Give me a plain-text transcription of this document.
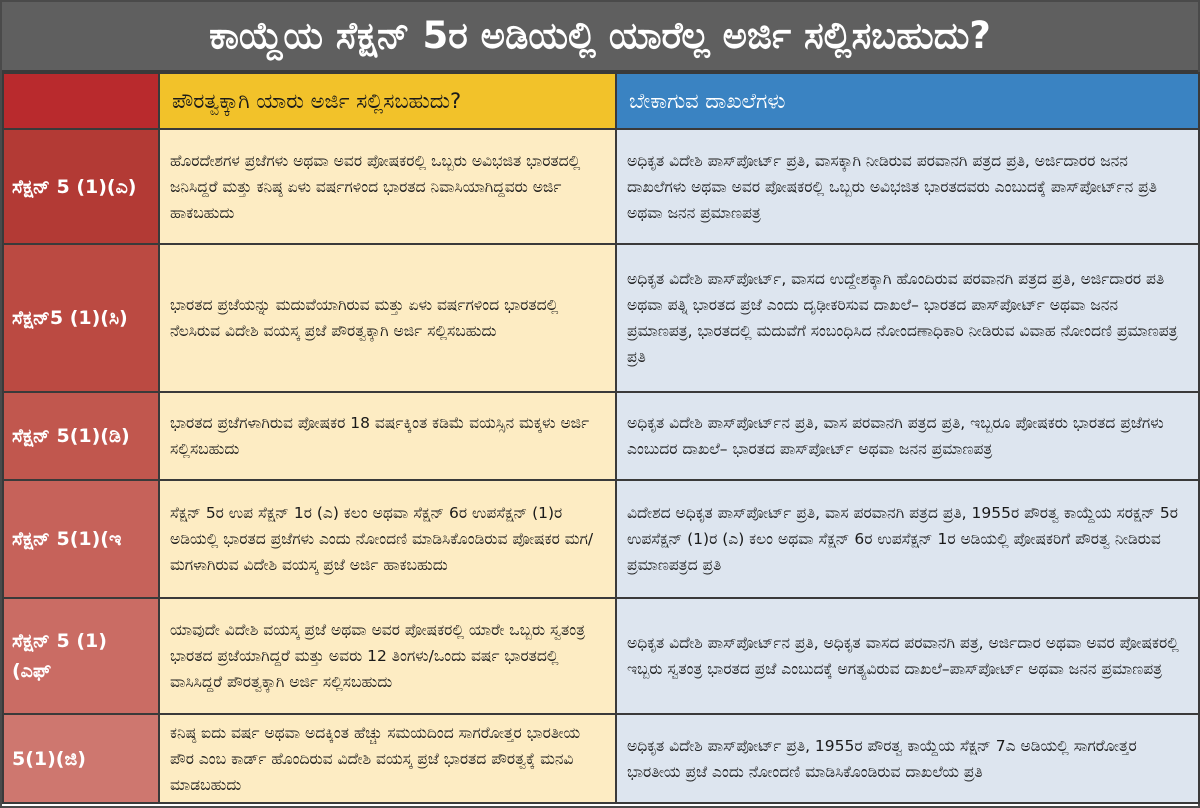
ಕಾಯ್ದೆಯ ಸೆಕ್ಷನ್ 5ರ ಅಡಿಯಲ್ಲಿ ಯಾರೆಲ್ಲ ಅರ್ಜಿ ಸಲ್ಲಿಸಬಹುದು?
	ಪೌರತ್ವಕ್ಕಾಗಿ ಯಾರು ಅರ್ಜಿ ಸಲ್ಲಿಸಬಹುದು?	ಬೇಕಾಗುವ ದಾಖಲೆಗಳು
ಸೆಕ್ಷನ್ 5 (1)(ಎ)	ಹೊರದೇಶಗಳ ಪ್ರಜೆಗಳು ಅಥವಾ ಅವರ ಪೋಷಕರಲ್ಲಿ ಒಬ್ಬರು ಅವಿಭಜಿತ ಭಾರತದಲ್ಲಿ ಜನಿಸಿದ್ದರೆ ಮತ್ತು ಕನಿಷ್ಠ ಏಳು ವರ್ಷಗಳಿಂದ ಭಾರತದ ನಿವಾಸಿಯಾಗಿದ್ದವರು ಅರ್ಜಿ ಹಾಕಬಹುದು	ಅಧಿಕೃತ ವಿದೇಶಿ ಪಾಸ್‌ಪೋರ್ಟ್ ಪ್ರತಿ, ವಾಸಕ್ಕಾಗಿ ನೀಡಿರುವ ಪರವಾನಗಿ ಪತ್ರದ ಪ್ರತಿ, ಅರ್ಜಿದಾರರ ಜನನ ದಾಖಲೆಗಳು ಅಥವಾ ಅವರ ಪೋಷಕರಲ್ಲಿ ಒಬ್ಬರು ಅವಿಭಜಿತ ಭಾರತದವರು ಎಂಬುದಕ್ಕೆ ಪಾಸ್‌ಪೋರ್ಟ್‌ನ ಪ್ರತಿ ಅಥವಾ ಜನನ ಪ್ರಮಾಣಪತ್ರ
ಸೆಕ್ಷನ್5 (1)(ಸಿ)	ಭಾರತದ ಪ್ರಜೆಯನ್ನು ಮದುವೆಯಾಗಿರುವ ಮತ್ತು ಏಳು ವರ್ಷಗಳಿಂದ ಭಾರತದಲ್ಲಿ ನೆಲಸಿರುವ ವಿದೇಶಿ ವಯಸ್ಕ ಪ್ರಜೆ ಪೌರತ್ವಕ್ಕಾಗಿ ಅರ್ಜಿ ಸಲ್ಲಿಸಬಹುದು	ಅಧಿಕೃತ ವಿದೇಶಿ ಪಾಸ್‌ಪೋರ್ಟ್, ವಾಸದ ಉದ್ದೇಶಕ್ಕಾಗಿ ಹೊಂದಿರುವ ಪರವಾನಗಿ ಪತ್ರದ ಪ್ರತಿ, ಅರ್ಜಿದಾರರ ಪತಿ ಅಥವಾ ಪತ್ನಿ ಭಾರತದ ಪ್ರಜೆ ಎಂದು ದೃಢೀಕರಿಸುವ ದಾಖಲೆ– ಭಾರತದ ಪಾಸ್‌ಪೋರ್ಟ್ ಅಥವಾ ಜನನ ಪ್ರಮಾಣಪತ್ರ, ಭಾರತದಲ್ಲಿ ಮದುವೆಗೆ ಸಂಬಂಧಿಸಿದ ನೋಂದಣಾಧಿಕಾರಿ ನೀಡಿರುವ ವಿವಾಹ ನೋಂದಣಿ ಪ್ರಮಾಣಪತ್ರ ಪ್ರತಿ
ಸೆಕ್ಷನ್ 5(1)(ಡಿ)	ಭಾರತದ ಪ್ರಜೆಗಳಾಗಿರುವ ಪೋಷಕರ 18 ವರ್ಷಕ್ಕಿಂತ ಕಡಿಮೆ ವಯಸ್ಸಿನ ಮಕ್ಕಳು ಅರ್ಜಿ ಸಲ್ಲಿಸಬಹುದು	ಅಧಿಕೃತ ವಿದೇಶಿ ಪಾಸ್‌ಪೋರ್ಟ್‌ನ ಪ್ರತಿ, ವಾಸ ಪರವಾನಗಿ ಪತ್ರದ ಪ್ರತಿ, ಇಬ್ಬರೂ ಪೋಷಕರು ಭಾರತದ ಪ್ರಜೆಗಳು ಎಂಬುದರ ದಾಖಲೆ– ಭಾರತದ ಪಾಸ್‌ಪೋರ್ಟ್ ಅಥವಾ ಜನನ ಪ್ರಮಾಣಪತ್ರ
ಸೆಕ್ಷನ್ 5(1)(ಇ	ಸೆಕ್ಷನ್ 5ರ ಉಪ ಸೆಕ್ಷನ್ 1ರ (ಎ) ಕಲಂ ಅಥವಾ ಸೆಕ್ಷನ್ 6ರ ಉಪಸೆಕ್ಷನ್ (1)ರ ಅಡಿಯಲ್ಲಿ ಭಾರತದ ಪ್ರಜೆಗಳು ಎಂದು ನೋಂದಣಿ ಮಾಡಿಸಿಕೊಂಡಿರುವ ಪೋಷಕರ ಮಗ/ ಮಗಳಾಗಿರುವ ವಿದೇಶಿ ವಯಸ್ಕ ಪ್ರಜೆ ಅರ್ಜಿ ಹಾಕಬಹುದು	ವಿದೇಶದ ಅಧಿಕೃತ ಪಾಸ್‌ಪೋರ್ಟ್ ಪ್ರತಿ, ವಾಸ ಪರವಾನಗಿ ಪತ್ರದ ಪ್ರತಿ, 1955ರ ಪೌರತ್ವ ಕಾಯ್ದೆಯ ಸರಕ್ಷನ್ 5ರ ಉಪಸೆಕ್ಷನ್ (1)ರ (ಎ) ಕಲಂ ಅಥವಾ ಸೆಕ್ಷನ್ 6ರ ಉಪಸೆಕ್ಷನ್ 1ರ ಅಡಿಯಲ್ಲಿ ಪೋಷಕರಿಗೆ ಪೌರತ್ವ ನೀಡಿರುವ ಪ್ರಮಾಣಪತ್ರದ ಪ್ರತಿ
ಸೆಕ್ಷನ್ 5 (1) (ಎಫ್	ಯಾವುದೇ ವಿದೇಶಿ ವಯಸ್ಕ ಪ್ರಜೆ ಅಥವಾ ಅವರ ಪೋಷಕರಲ್ಲಿ ಯಾರೇ ಒಬ್ಬರು ಸ್ವತಂತ್ರ ಭಾರತದ ಪ್ರಜೆಯಾಗಿದ್ದರೆ ಮತ್ತು ಅವರು 12 ತಿಂಗಳು/ಒಂದು ವರ್ಷ ಭಾರತದಲ್ಲಿ ವಾಸಿಸಿದ್ದರೆ ಪೌರತ್ವಕ್ಕಾಗಿ ಅರ್ಜಿ ಸಲ್ಲಿಸಬಹುದು	ಅಧಿಕೃತ ವಿದೇಶಿ ಪಾಸ್‌ಪೋರ್ಟ್‌ನ ಪ್ರತಿ, ಅಧಿಕೃತ ವಾಸದ ಪರವಾನಗಿ ಪತ್ರ, ಅರ್ಜಿದಾರ ಅಥವಾ ಅವರ ಪೋಷಕರಲ್ಲಿ ಇಬ್ಬರು ಸ್ವತಂತ್ರ ಭಾರತದ ಪ್ರಜೆ ಎಂಬುದಕ್ಕೆ ಅಗತ್ಯವಿರುವ ದಾಖಲೆ–ಪಾಸ್‌ಪೋರ್ಟ್ ಅಥವಾ ಜನನ ಪ್ರಮಾಣಪತ್ರ
5(1)(ಜಿ)	ಕನಿಷ್ಠ ಐದು ವರ್ಷ ಅಥವಾ ಅದಕ್ಕಿಂತ ಹೆಚ್ಚು ಸಮಯದಿಂದ ಸಾಗರೋತ್ತರ ಭಾರತೀಯ ಪೌರ ಎಂಬ ಕಾರ್ಡ್ ಹೊಂದಿರುವ ವಿದೇಶಿ ವಯಸ್ಕ ಪ್ರಜೆ ಭಾರತದ ಪೌರತ್ವಕ್ಕೆ ಮನವಿ ಮಾಡಬಹುದು	ಅಧಿಕೃತ ವಿದೇಶಿ ಪಾಸ್‌ಪೋರ್ಟ್ ಪ್ರತಿ, 1955ರ ಪೌರತ್ವ ಕಾಯ್ದೆಯ ಸೆಕ್ಷನ್ 7ಎ ಅಡಿಯಲ್ಲಿ ಸಾಗರೋತ್ತರ ಭಾರತೀಯ ಪ್ರಜೆ ಎಂದು ನೋಂದಣಿ ಮಾಡಿಸಿಕೊಂಡಿರುವ ದಾಖಲೆಯ ಪ್ರತಿ
